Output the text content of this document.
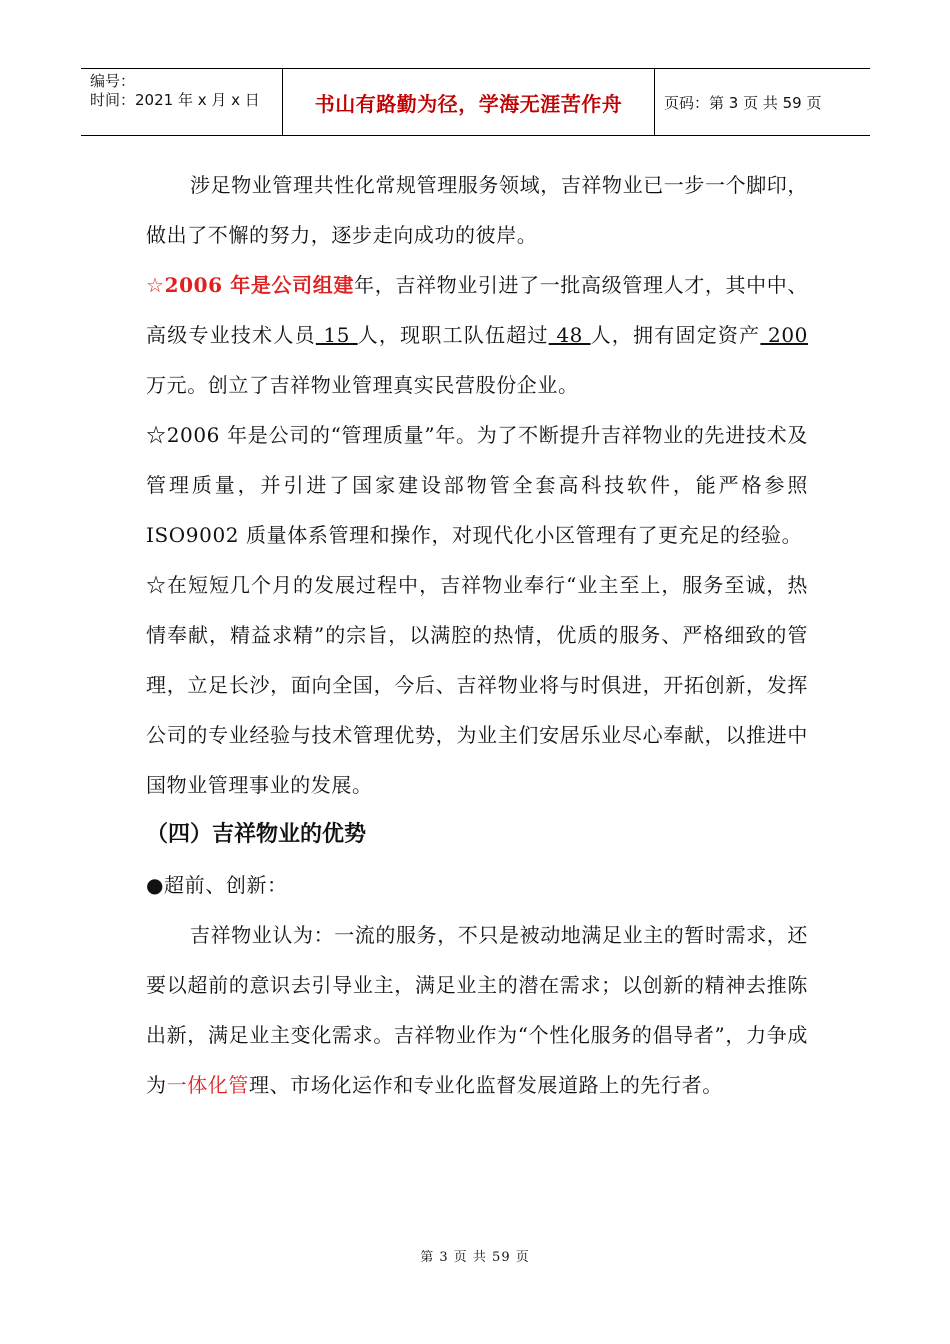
编号：
时间：2021 年 x 月 x 日	书山有路勤为径，学海无涯苦作舟	页码：第 3 页 共 59 页

涉足物业管理共性化常规管理服务领域，吉祥物业已一步一个脚印，做出了不懈的努力，逐步走向成功的彼岸。

☆2006 年是公司组建年，吉祥物业引进了一批高级管理人才，其中中、高级专业技术人员 15 人，现职工队伍超过 48 人，拥有固定资产 200 万元。创立了吉祥物业管理真实民营股份企业。

☆2006 年是公司的“管理质量”年。为了不断提升吉祥物业的先进技术及管理质量，并引进了国家建设部物管全套高科技软件，能严格参照 ISO9002 质量体系管理和操作，对现代化小区管理有了更充足的经验。

☆在短短几个月的发展过程中，吉祥物业奉行“业主至上，服务至诚，热情奉献，精益求精”的宗旨，以满腔的热情，优质的服务、严格细致的管理，立足长沙，面向全国，今后、吉祥物业将与时俱进，开拓创新，发挥公司的专业经验与技术管理优势，为业主们安居乐业尽心奉献，以推进中国物业管理事业的发展。

（四）吉祥物业的优势

●超前、创新：

吉祥物业认为：一流的服务，不只是被动地满足业主的暂时需求，还要以超前的意识去引导业主，满足业主的潜在需求；以创新的精神去推陈出新，满足业主变化需求。吉祥物业作为“个性化服务的倡导者”，力争成为一体化管理、市场化运作和专业化监督发展道路上的先行者。

第 3 页 共 59 页
